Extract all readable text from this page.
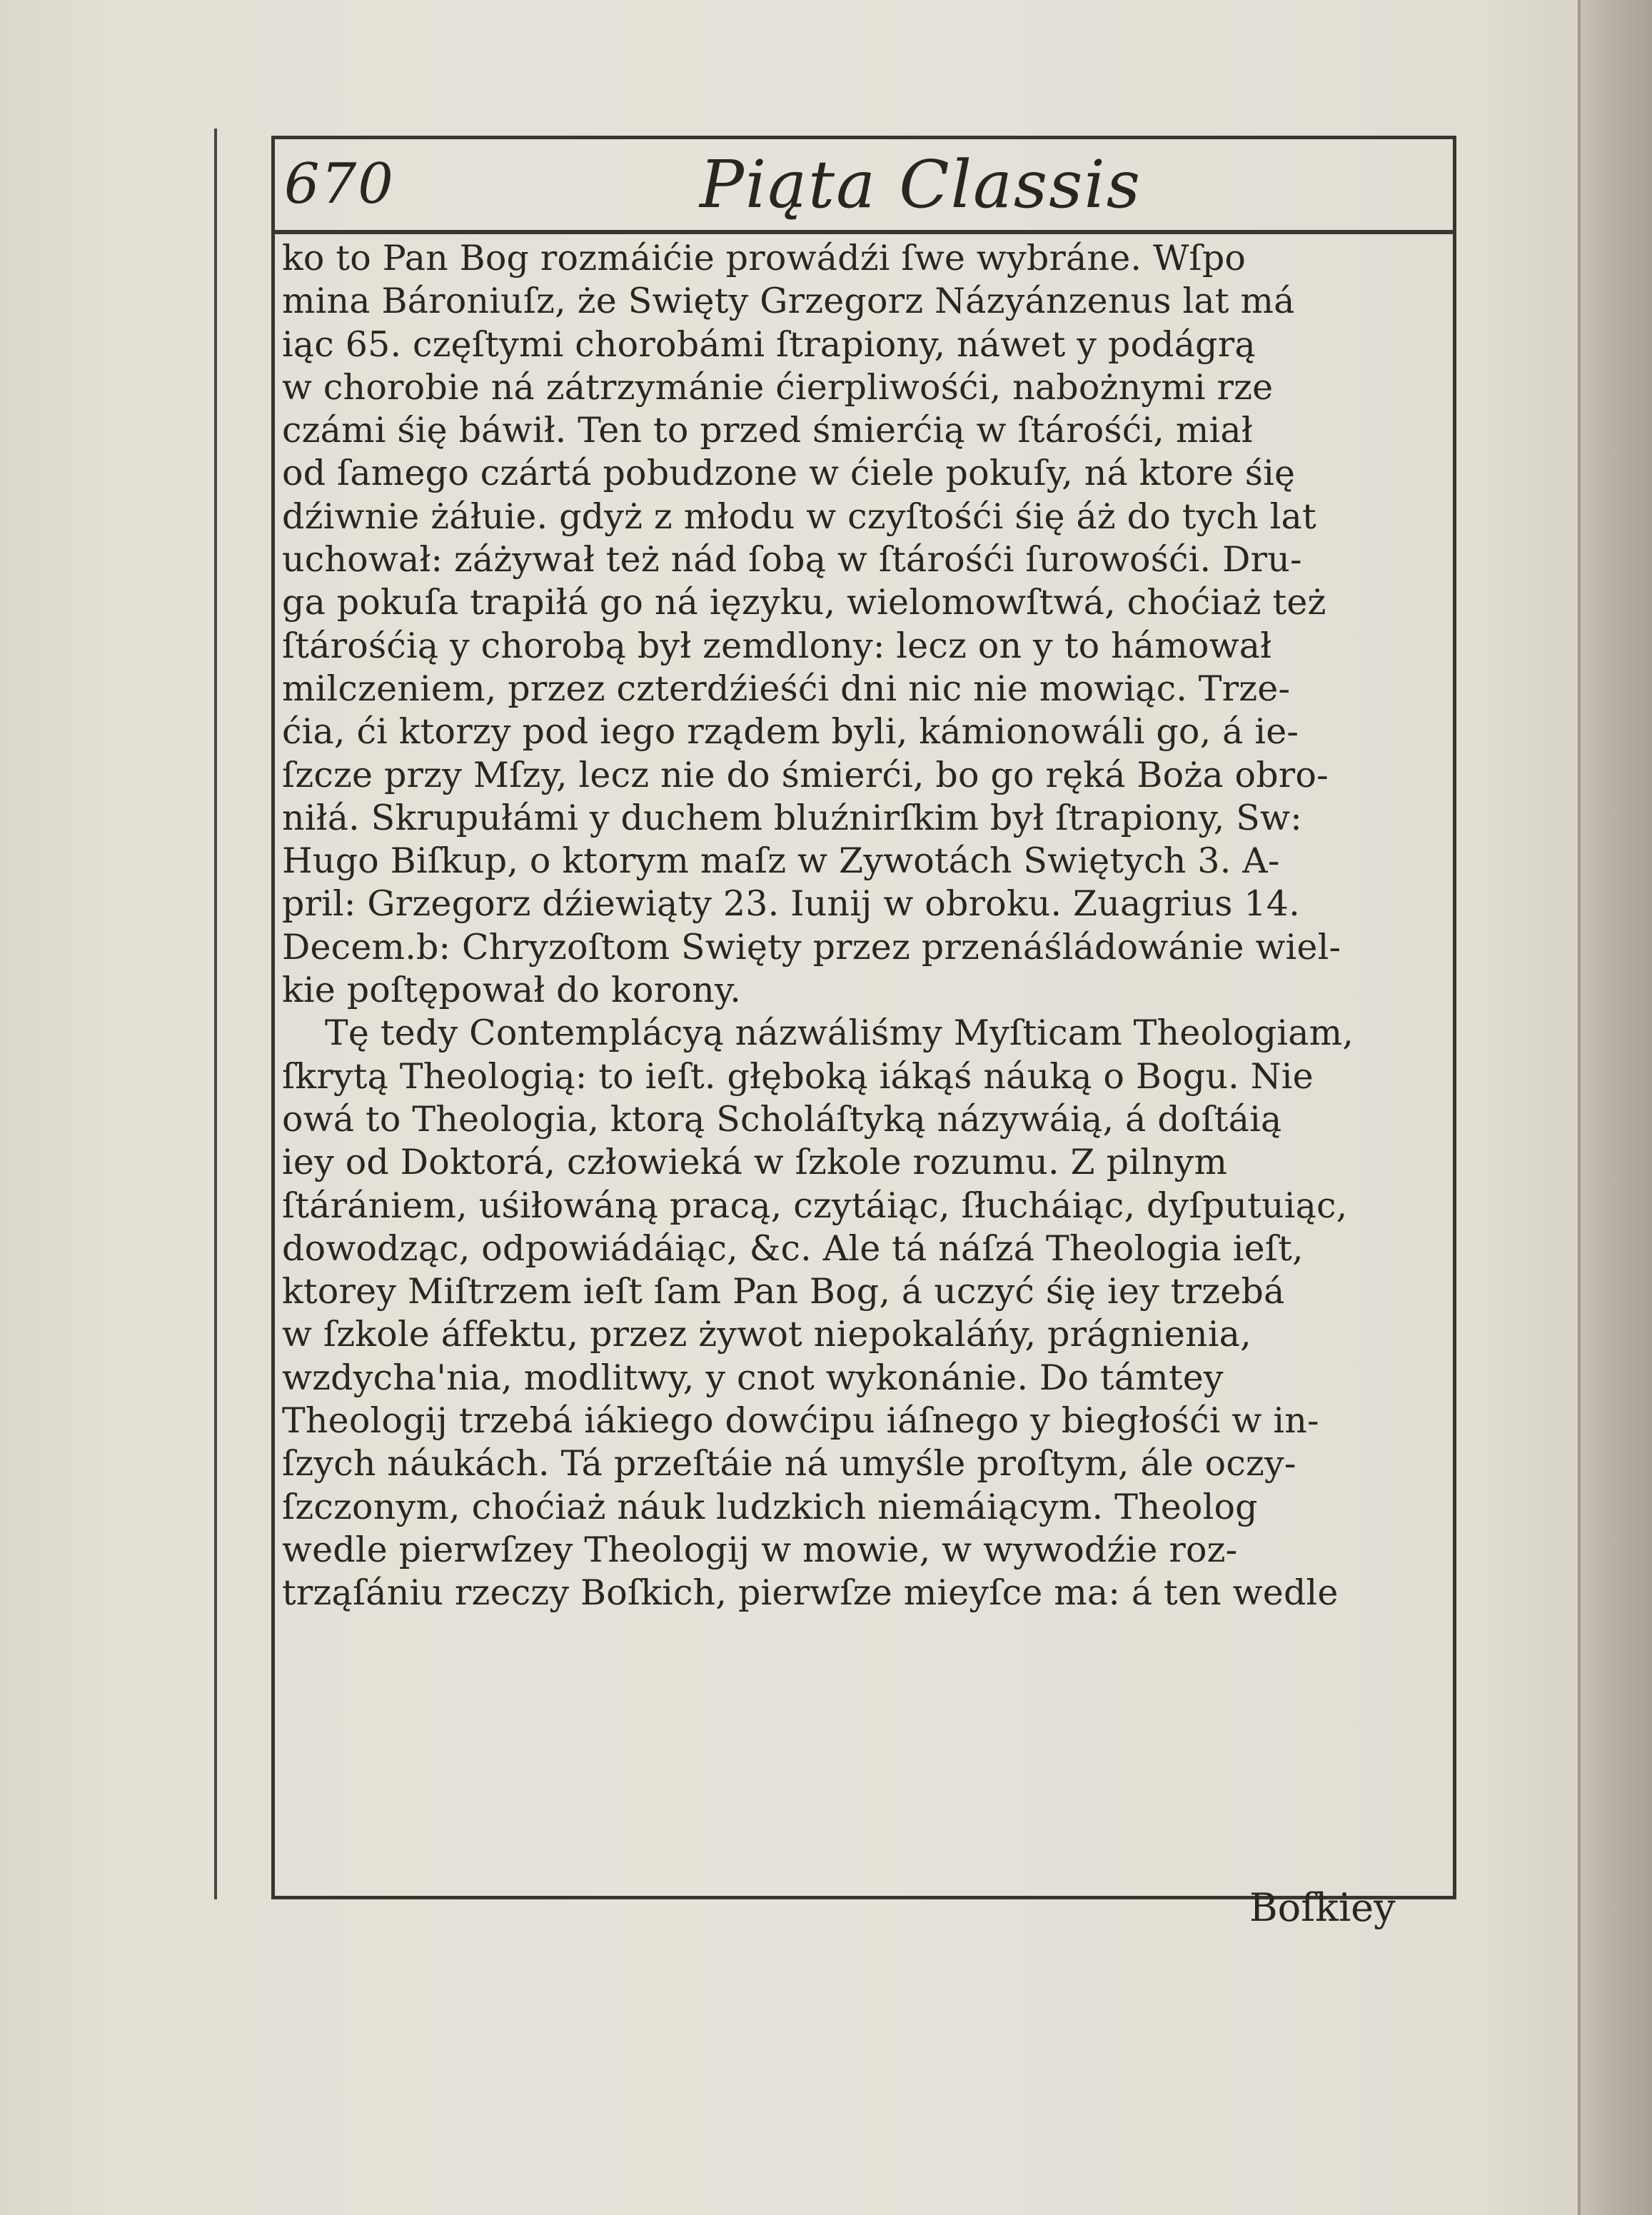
670	Piąta Classis
ko to Pan Bog rozmáićie prowádźi ſwe wybráne. Wſpo
mina Bároniuſz, że Swięty Grzegorz Názyánzenus lat má
iąc 65. częſtymi chorobámi ſtrapiony, náwet y podágrą
w chorobie ná zátrzymánie ćierpliwośći, nabożnymi rze
czámi śię báwił. Ten to przed śmierćią w ſtárośći, miał
od ſamego czártá pobudzone w ćiele pokuſy, ná ktore śię
dźiwnie żáłuie. gdyż z młodu w czyſtośći śię áż do tych lat
uchował: záżywał też nád ſobą w ſtárośći ſurowośći. Dru-
ga pokuſa trapiłá go ná ięzyku, wielomowſtwá, choćiaż też
ſtárośćią y chorobą był zemdlony: lecz on y to hámował
milczeniem, przez czterdźieśći dni nic nie mowiąc. Trze-
ćia, ći ktorzy pod iego rządem byli, kámionowáli go, á ie-
ſzcze przy Mſzy, lecz nie do śmierći, bo go ręká Boża obro-
niłá. Skrupułámi y duchem bluźnirſkim był ſtrapiony, Sw:
Hugo Biſkup, o ktorym maſz w Zywotách Swiętych 3. A-
pril: Grzegorz dźiewiąty 23. Iunij w obroku. Zuagrius 14.
Decem.b: Chryzoſtom Swięty przez przenáśládowánie wiel-
kie poſtępował do korony.
Tę tedy Contemplácyą názwáliśmy Myſticam Theologiam,
ſkrytą Theologią: to ieſt. głęboką iákąś náuką o Bogu. Nie
owá to Theologia, ktorą Scholáſtyką názywáią, á doſtáią
iey od Doktorá, człowieká w ſzkole rozumu. Z pilnym
ſtárániem, uśiłowáną pracą, czytáiąc, ſłucháiąc, dyſputuiąc,
dowodząc, odpowiádáiąc, &c. Ale tá náſzá Theologia ieſt,
ktorey Miſtrzem ieſt ſam Pan Bog, á uczyć śię iey trzebá
w ſzkole áffektu, przez żywot niepokaláńy, prágnienia,
wzdycha'nia, modlitwy, y cnot wykonánie. Do támtey
Theologij trzebá iákiego dowćipu iáſnego y biegłośći w in-
ſzych náukách. Tá przeſtáie ná umyśle proſtym, ále oczy-
ſzczonym, choćiaż náuk ludzkich niemáiącym. Theolog
wedle pierwſzey Theologij w mowie, w wywodźie roz-
trząſániu rzeczy Boſkich, pierwſze mieyſce ma: á ten wedle
Boſkiey
